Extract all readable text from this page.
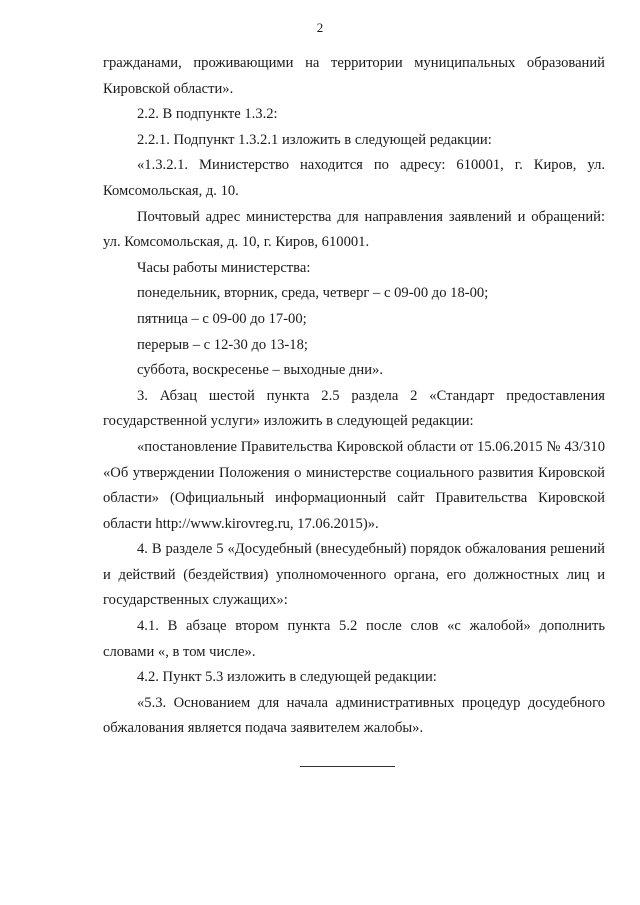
2

гражданами, проживающими на территории муниципальных образований Кировской области».

2.2. В подпункте 1.3.2:

2.2.1. Подпункт 1.3.2.1 изложить в следующей редакции:

«1.3.2.1. Министерство находится по адресу: 610001, г. Киров, ул. Комсомольская, д. 10.

Почтовый адрес министерства для направления заявлений и обращений: ул. Комсомольская, д. 10, г. Киров, 610001.

Часы работы министерства:

понедельник, вторник, среда, четверг – с 09-00 до 18-00;

пятница – с 09-00 до 17-00;

перерыв – с 12-30 до 13-18;

суббота, воскресенье – выходные дни».

3. Абзац шестой пункта 2.5 раздела 2 «Стандарт предоставления государственной услуги» изложить в следующей редакции:

«постановление Правительства Кировской области от 15.06.2015 № 43/310 «Об утверждении Положения о министерстве социального развития Кировской области» (Официальный информационный сайт Правительства Кировской области http://www.kirovreg.ru, 17.06.2015)».

4. В разделе 5 «Досудебный (внесудебный) порядок обжалования решений и действий (бездействия) уполномоченного органа, его должностных лиц и государственных служащих»:

4.1. В абзаце втором пункта 5.2 после слов «с жалобой» дополнить словами «, в том числе».

4.2. Пункт 5.3 изложить в следующей редакции:

«5.3. Основанием для начала административных процедур досудебного обжалования является подача заявителем жалобы».
